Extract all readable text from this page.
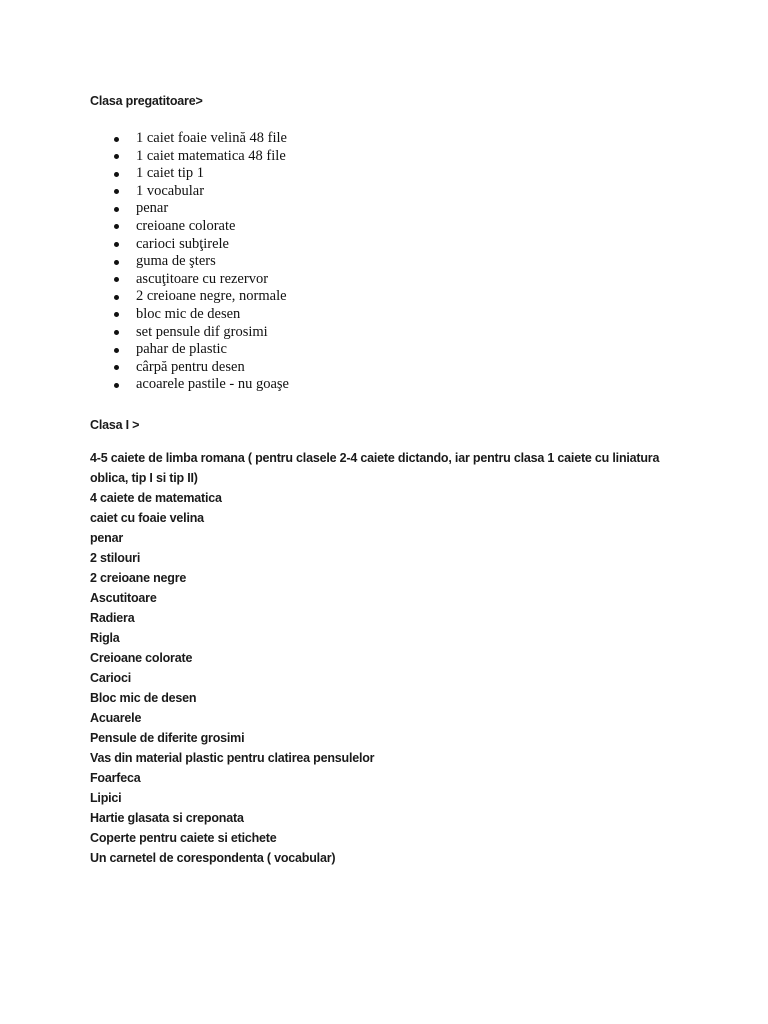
Clasa pregatitoare>
1 caiet foaie velină 48 file
1 caiet matematica 48 file
1 caiet tip 1
1 vocabular
penar
creioane colorate
carioci subţirele
guma de şters
ascuţitoare cu rezervor
2 creioane negre, normale
bloc mic de desen
set pensule dif grosimi
pahar de plastic
cârpă pentru desen
acoarele pastile - nu goaşe
Clasa I >
4-5 caiete de limba romana ( pentru clasele 2-4 caiete dictando, iar pentru clasa 1 caiete cu liniatura oblica, tip I si tip II)
4 caiete de matematica
caiet cu foaie velina
penar
2 stilouri
2 creioane negre
Ascutitoare
Radiera
Rigla
Creioane colorate
Carioci
Bloc mic de desen
Acuarele
Pensule de diferite grosimi
Vas din material plastic pentru clatirea pensulelor
Foarfeca
Lipici
Hartie glasata si creponata
Coperte pentru caiete si etichete
Un carnetel de corespondenta ( vocabular)
